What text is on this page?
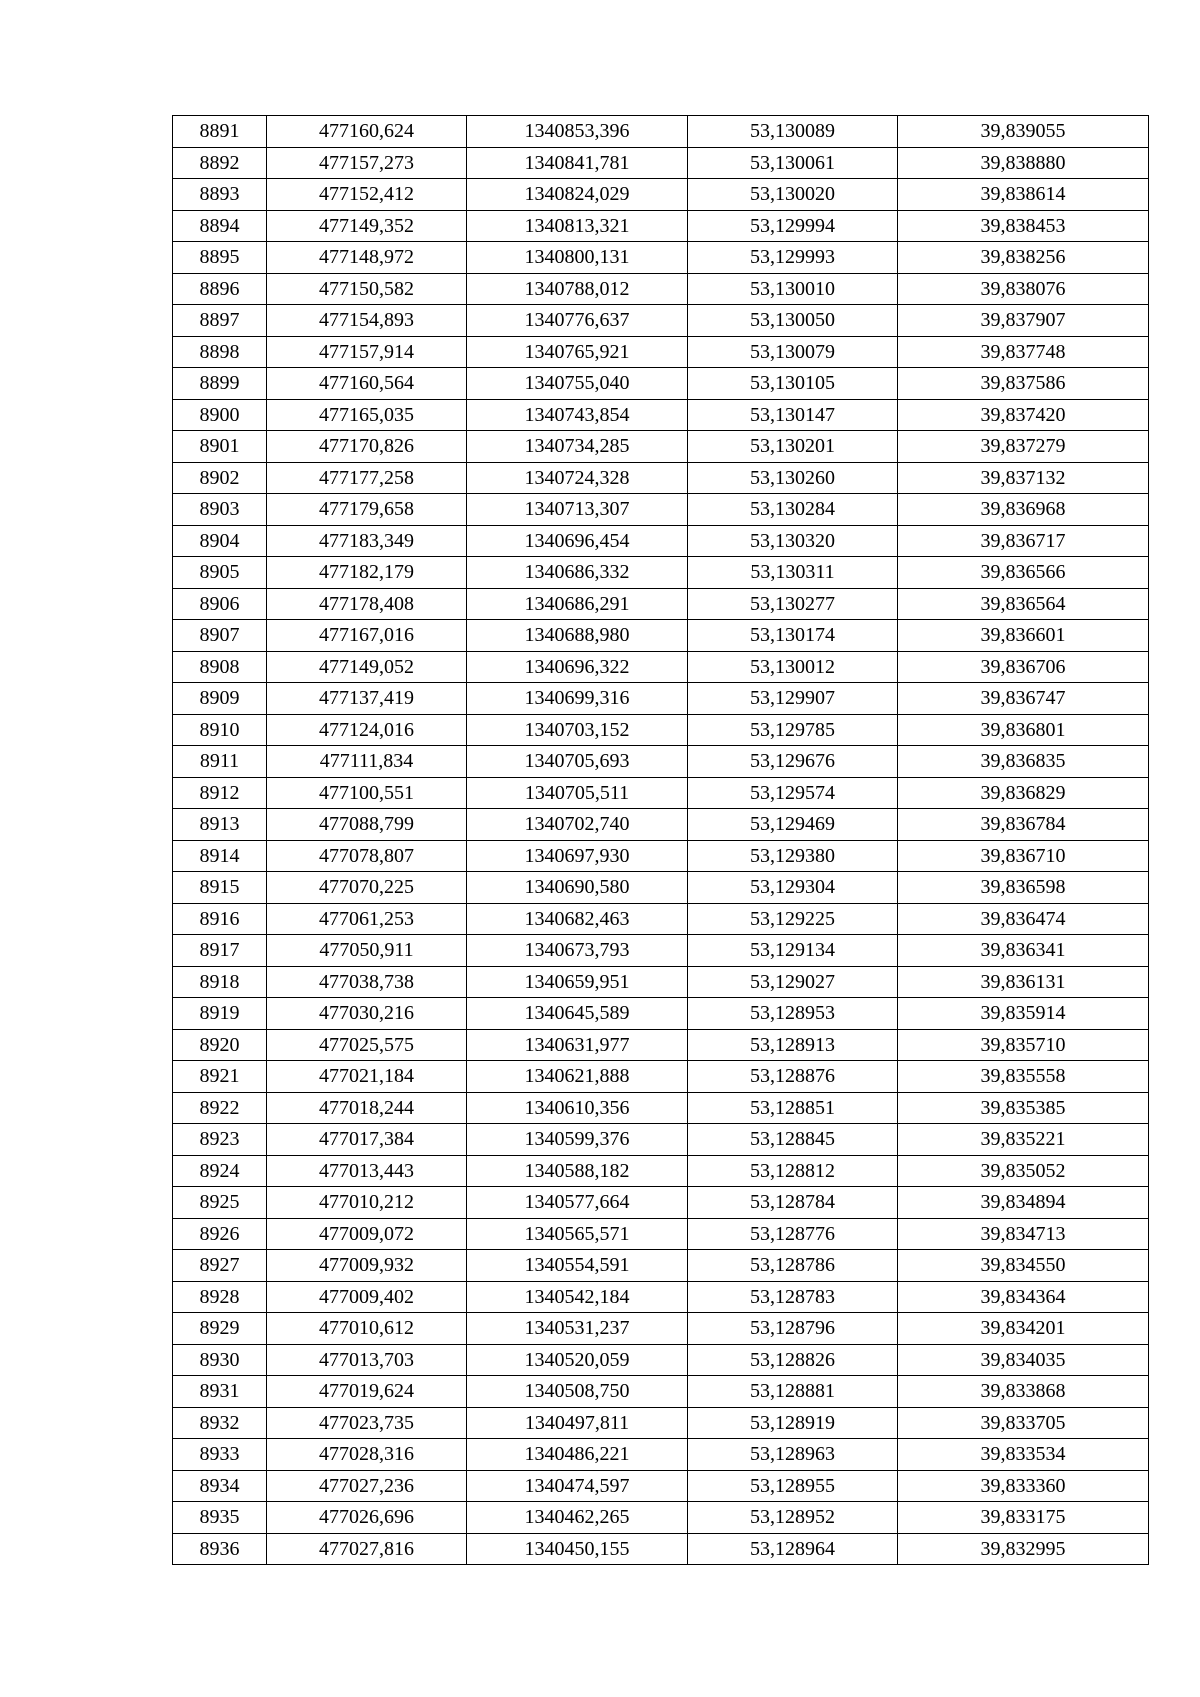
8891	477160,624	1340853,396	53,130089	39,839055
8892	477157,273	1340841,781	53,130061	39,838880
8893	477152,412	1340824,029	53,130020	39,838614
8894	477149,352	1340813,321	53,129994	39,838453
8895	477148,972	1340800,131	53,129993	39,838256
8896	477150,582	1340788,012	53,130010	39,838076
8897	477154,893	1340776,637	53,130050	39,837907
8898	477157,914	1340765,921	53,130079	39,837748
8899	477160,564	1340755,040	53,130105	39,837586
8900	477165,035	1340743,854	53,130147	39,837420
8901	477170,826	1340734,285	53,130201	39,837279
8902	477177,258	1340724,328	53,130260	39,837132
8903	477179,658	1340713,307	53,130284	39,836968
8904	477183,349	1340696,454	53,130320	39,836717
8905	477182,179	1340686,332	53,130311	39,836566
8906	477178,408	1340686,291	53,130277	39,836564
8907	477167,016	1340688,980	53,130174	39,836601
8908	477149,052	1340696,322	53,130012	39,836706
8909	477137,419	1340699,316	53,129907	39,836747
8910	477124,016	1340703,152	53,129785	39,836801
8911	477111,834	1340705,693	53,129676	39,836835
8912	477100,551	1340705,511	53,129574	39,836829
8913	477088,799	1340702,740	53,129469	39,836784
8914	477078,807	1340697,930	53,129380	39,836710
8915	477070,225	1340690,580	53,129304	39,836598
8916	477061,253	1340682,463	53,129225	39,836474
8917	477050,911	1340673,793	53,129134	39,836341
8918	477038,738	1340659,951	53,129027	39,836131
8919	477030,216	1340645,589	53,128953	39,835914
8920	477025,575	1340631,977	53,128913	39,835710
8921	477021,184	1340621,888	53,128876	39,835558
8922	477018,244	1340610,356	53,128851	39,835385
8923	477017,384	1340599,376	53,128845	39,835221
8924	477013,443	1340588,182	53,128812	39,835052
8925	477010,212	1340577,664	53,128784	39,834894
8926	477009,072	1340565,571	53,128776	39,834713
8927	477009,932	1340554,591	53,128786	39,834550
8928	477009,402	1340542,184	53,128783	39,834364
8929	477010,612	1340531,237	53,128796	39,834201
8930	477013,703	1340520,059	53,128826	39,834035
8931	477019,624	1340508,750	53,128881	39,833868
8932	477023,735	1340497,811	53,128919	39,833705
8933	477028,316	1340486,221	53,128963	39,833534
8934	477027,236	1340474,597	53,128955	39,833360
8935	477026,696	1340462,265	53,128952	39,833175
8936	477027,816	1340450,155	53,128964	39,832995
